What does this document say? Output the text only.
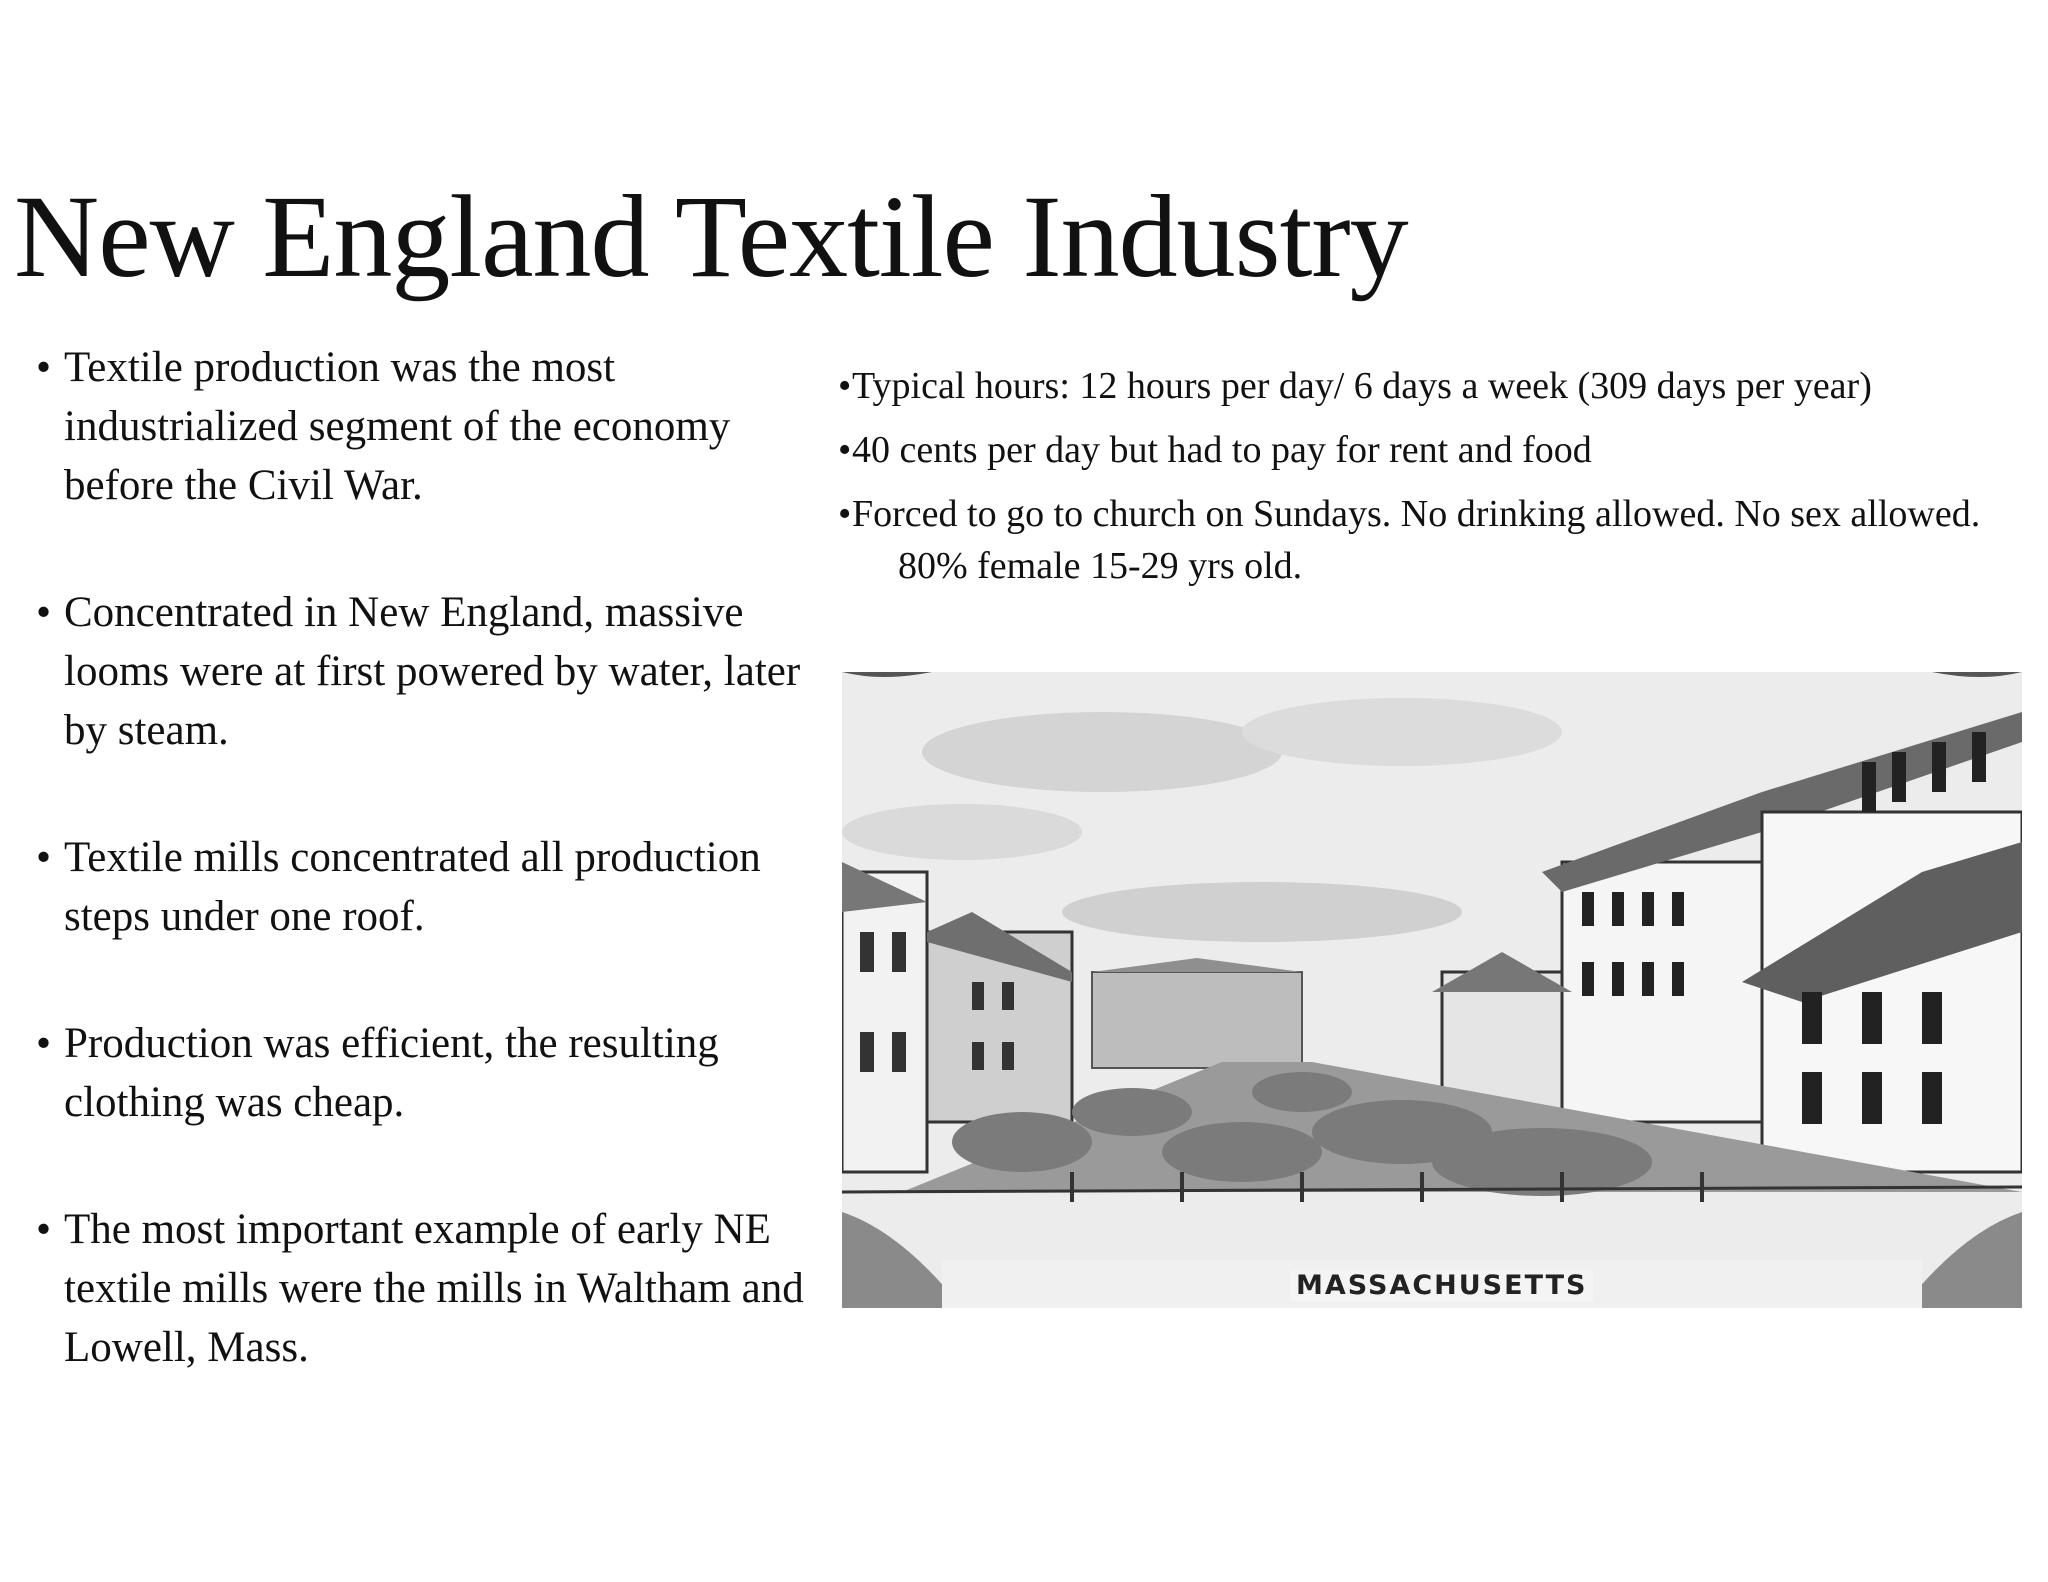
New England Textile Industry
• Textile production was the most industrialized segment of the economy before the Civil War.
• Concentrated in New England, massive looms were at first powered by water, later by steam.
• Textile mills concentrated all production steps under one roof.
• Production was efficient, the resulting clothing was cheap.
• The most important example of early NE textile mills were the mills in Waltham and Lowell, Mass.
• Typical hours: 12 hours per day/ 6 days a week (309 days per year)
• 40 cents per day but had to pay for rent and food
• Forced to go to church on Sundays. No drinking allowed. No sex allowed. 80% female 15-29 yrs old.
MASSACHUSETTS
